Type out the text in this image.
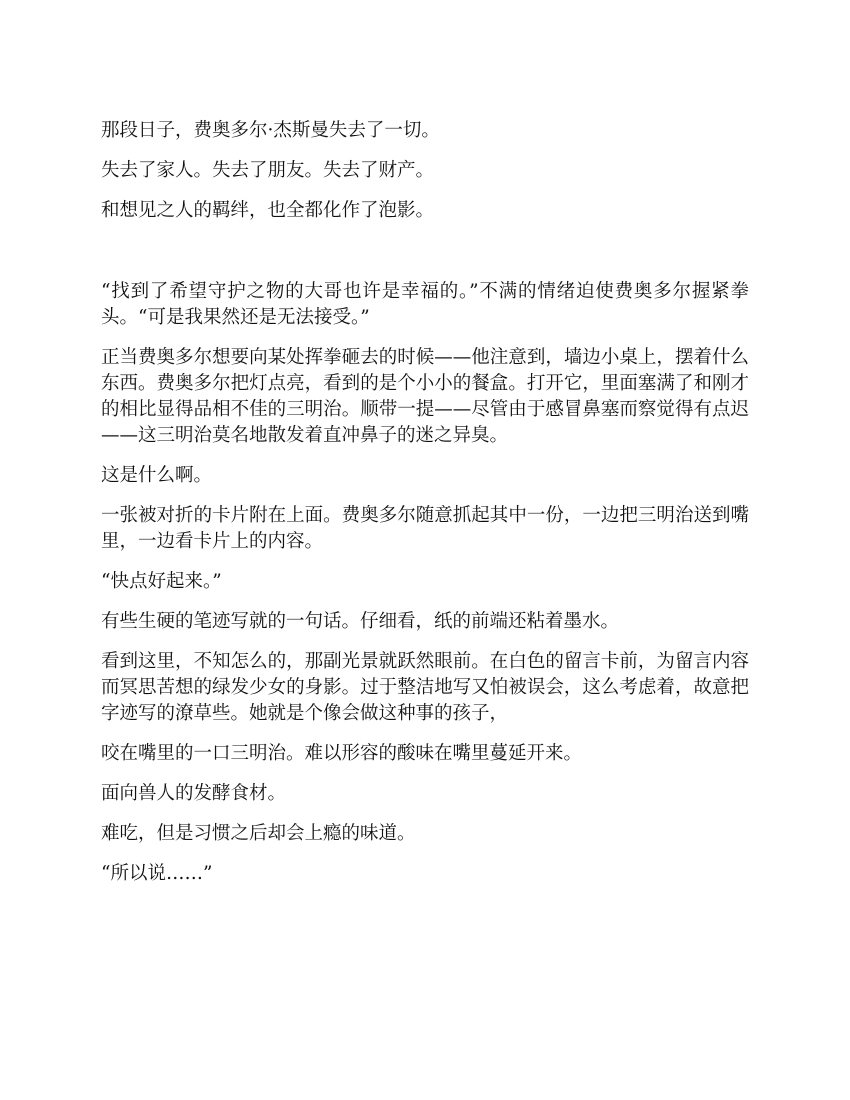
那段日子，费奥多尔·杰斯曼失去了一切。

失去了家人。失去了朋友。失去了财产。

和想见之人的羁绊，也全都化作了泡影。

“找到了希望守护之物的大哥也许是幸福的。”不满的情绪迫使费奥多尔握紧拳头。“可是我果然还是无法接受。”

正当费奥多尔想要向某处挥拳砸去的时候——他注意到，墙边小桌上，摆着什么东西。费奥多尔把灯点亮，看到的是个小小的餐盒。打开它，里面塞满了和刚才的相比显得品相不佳的三明治。顺带一提——尽管由于感冒鼻塞而察觉得有点迟——这三明治莫名地散发着直冲鼻子的迷之异臭。

这是什么啊。

一张被对折的卡片附在上面。费奥多尔随意抓起其中一份，一边把三明治送到嘴里，一边看卡片上的内容。

“快点好起来。”

有些生硬的笔迹写就的一句话。仔细看，纸的前端还粘着墨水。

看到这里，不知怎么的，那副光景就跃然眼前。在白色的留言卡前，为留言内容而冥思苦想的绿发少女的身影。过于整洁地写又怕被误会，这么考虑着，故意把字迹写的潦草些。她就是个像会做这种事的孩子，

咬在嘴里的一口三明治。难以形容的酸味在嘴里蔓延开来。

面向兽人的发酵食材。

难吃，但是习惯之后却会上瘾的味道。

“所以说……”
